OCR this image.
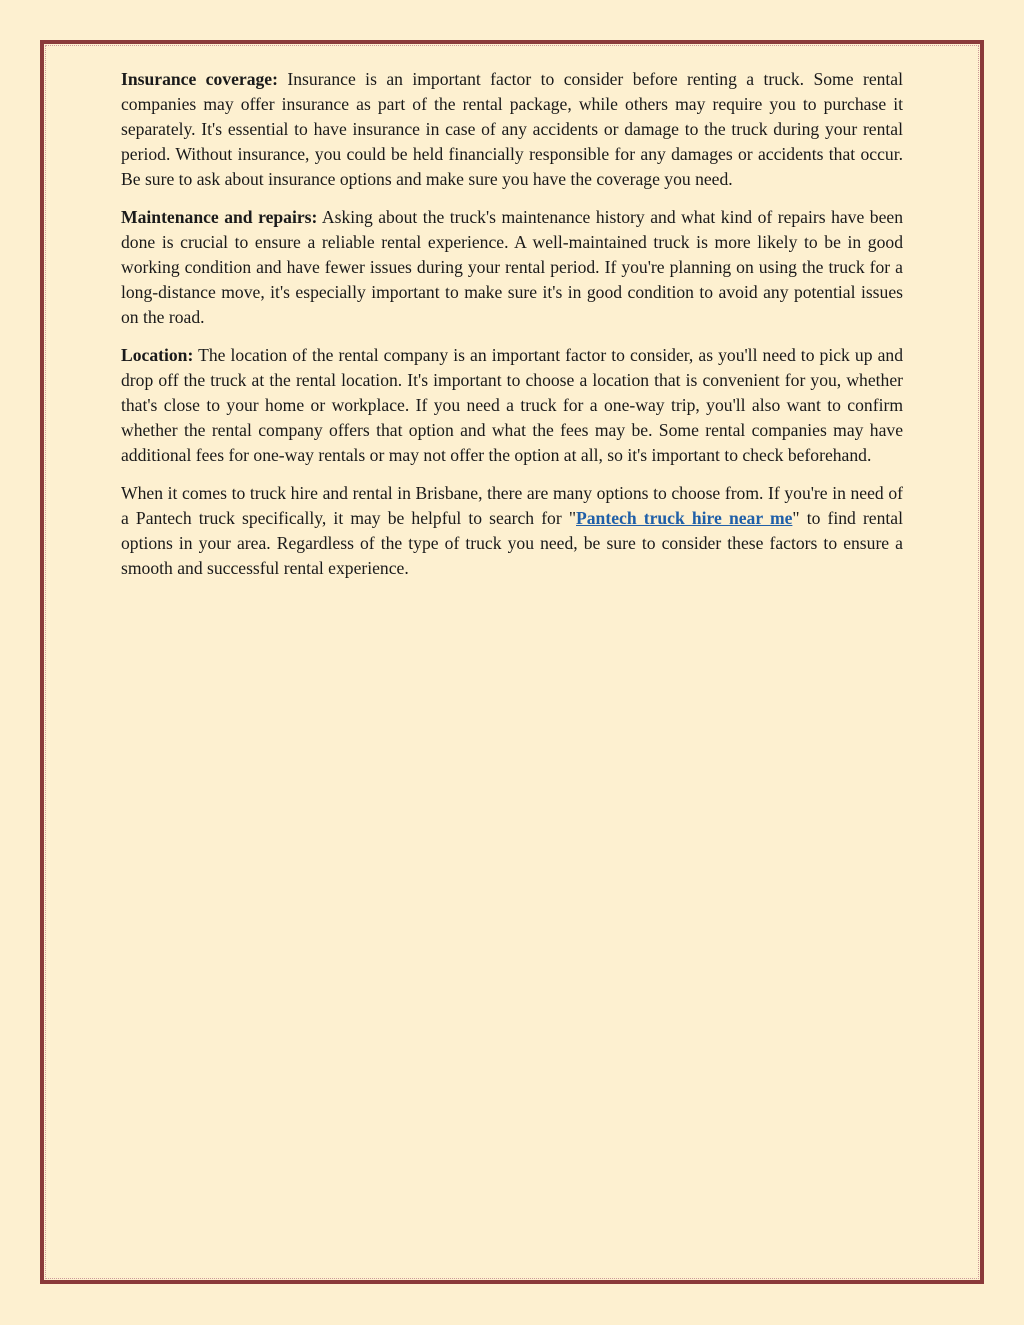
Insurance coverage: Insurance is an important factor to consider before renting a truck. Some rental companies may offer insurance as part of the rental package, while others may require you to purchase it separately. It's essential to have insurance in case of any accidents or damage to the truck during your rental period. Without insurance, you could be held financially responsible for any damages or accidents that occur. Be sure to ask about insurance options and make sure you have the coverage you need.

Maintenance and repairs: Asking about the truck's maintenance history and what kind of repairs have been done is crucial to ensure a reliable rental experience. A well-maintained truck is more likely to be in good working condition and have fewer issues during your rental period. If you're planning on using the truck for a long-distance move, it's especially important to make sure it's in good condition to avoid any potential issues on the road.

Location: The location of the rental company is an important factor to consider, as you'll need to pick up and drop off the truck at the rental location. It's important to choose a location that is convenient for you, whether that's close to your home or workplace. If you need a truck for a one-way trip, you'll also want to confirm whether the rental company offers that option and what the fees may be. Some rental companies may have additional fees for one-way rentals or may not offer the option at all, so it's important to check beforehand.

When it comes to truck hire and rental in Brisbane, there are many options to choose from. If you're in need of a Pantech truck specifically, it may be helpful to search for "Pantech truck hire near me" to find rental options in your area. Regardless of the type of truck you need, be sure to consider these factors to ensure a smooth and successful rental experience.
